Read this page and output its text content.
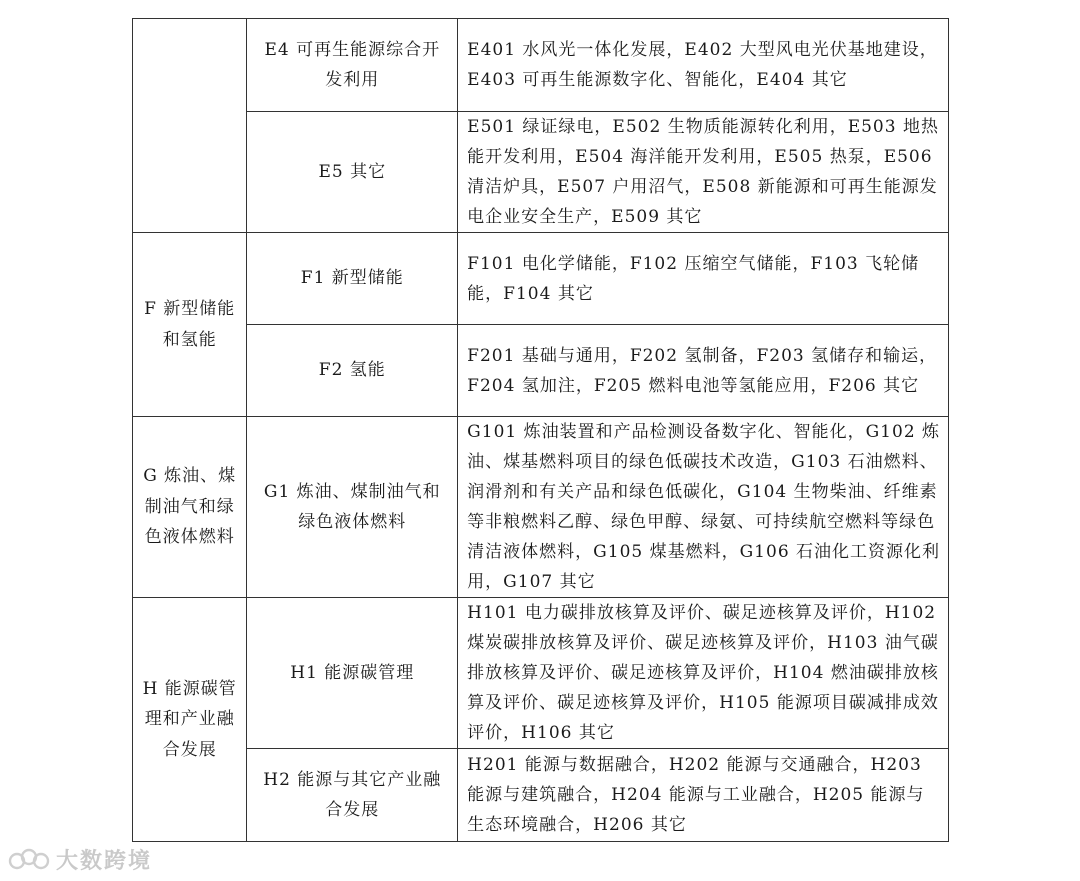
	E4 可再生能源综合开发利用	E401 水风光一体化发展，E402 大型风电光伏基地建设，E403 可再生能源数字化、智能化，E404 其它
	E5 其它	E501 绿证绿电，E502 生物质能源转化利用，E503 地热能开发利用，E504 海洋能开发利用，E505 热泵，E506 清洁炉具，E507 户用沼气，E508 新能源和可再生能源发电企业安全生产，E509 其它
F 新型储能和氢能	F1 新型储能	F101 电化学储能，F102 压缩空气储能，F103 飞轮储能，F104 其它
	F2 氢能	F201 基础与通用，F202 氢制备，F203 氢储存和输运，F204 氢加注，F205 燃料电池等氢能应用，F206 其它
G 炼油、煤制油气和绿色液体燃料	G1 炼油、煤制油气和绿色液体燃料	G101 炼油装置和产品检测设备数字化、智能化，G102 炼油、煤基燃料项目的绿色低碳技术改造，G103 石油燃料、润滑剂和有关产品和绿色低碳化，G104 生物柴油、纤维素等非粮燃料乙醇、绿色甲醇、绿氨、可持续航空燃料等绿色清洁液体燃料，G105 煤基燃料，G106 石油化工资源化利用，G107 其它
H 能源碳管理和产业融合发展	H1 能源碳管理	H101 电力碳排放核算及评价、碳足迹核算及评价，H102 煤炭碳排放核算及评价、碳足迹核算及评价，H103 油气碳排放核算及评价、碳足迹核算及评价，H104 燃油碳排放核算及评价、碳足迹核算及评价，H105 能源项目碳减排成效评价，H106 其它
	H2 能源与其它产业融合发展	H201 能源与数据融合，H202 能源与交通融合，H203 能源与建筑融合，H204 能源与工业融合，H205 能源与生态环境融合，H206 其它
大数跨境
